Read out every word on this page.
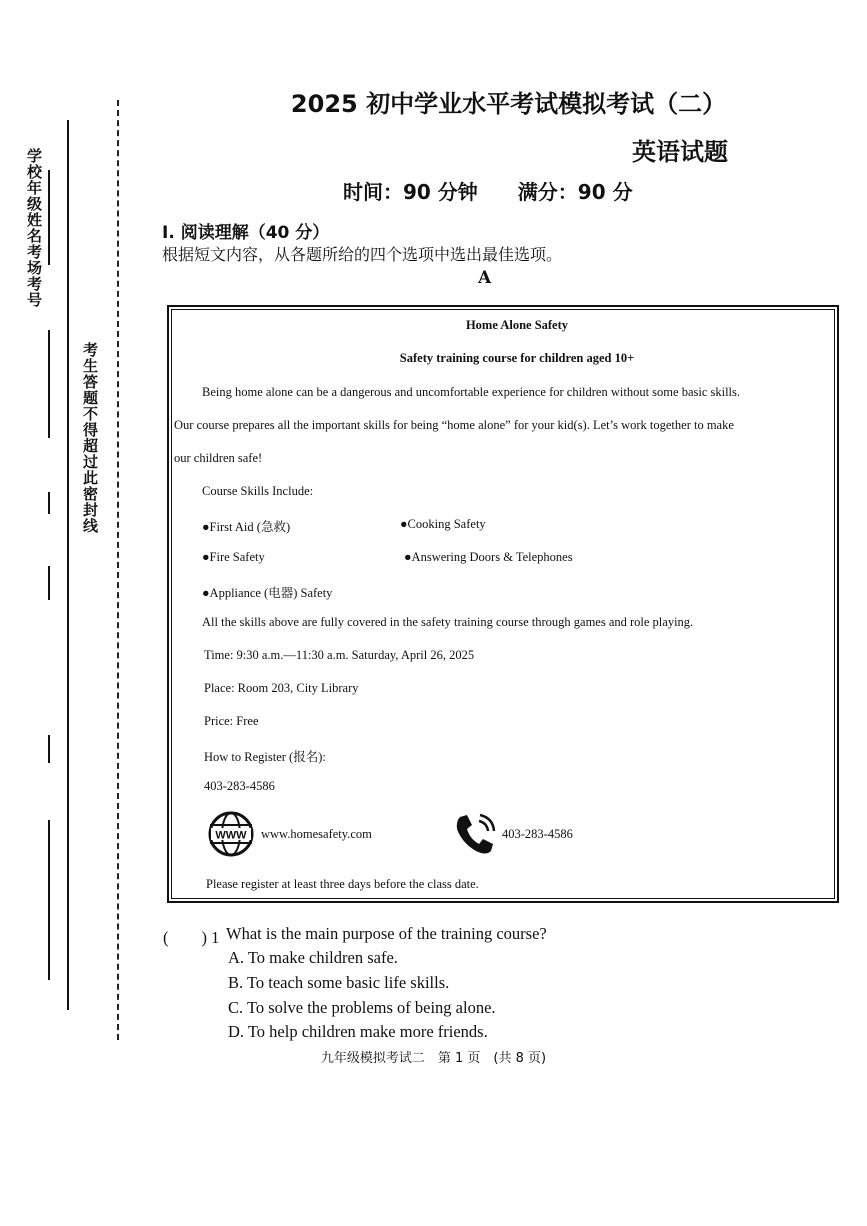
学校年级姓名考场考号
考生答题不得超过此密封线
2025 初中学业水平考试模拟考试（二）
英语试题
时间：90 分钟　　满分：90 分
I. 阅读理解（40 分）
根据短文内容，从各题所给的四个选项中选出最佳选项。
A
Home Alone Safety
Safety training course for children aged 10+
Being home alone can be a dangerous and uncomfortable experience for children without some basic skills.
Our course prepares all the important skills for being “home alone” for your kid(s). Let’s work together to make
our children safe!
Course Skills Include:
●First Aid (急救)	●Cooking Safety
●Fire Safety	●Answering Doors & Telephones
●Appliance (电器) Safety
All the skills above are fully covered in the safety training course through games and role playing.
Time: 9:30 a.m.—11:30 a.m. Saturday, April 26, 2025
Place: Room 203, City Library
Price: Free
How to Register (报名):
403-283-4586
WWW www.homesafety.com	403-283-4586
Please register at least three days before the class date.
(　　) 1 What is the main purpose of the training course?
A. To make children safe.
B. To teach some basic life skills.
C. To solve the problems of being alone.
D. To help children make more friends.
九年级模拟考试二　第 1 页　(共 8 页)
